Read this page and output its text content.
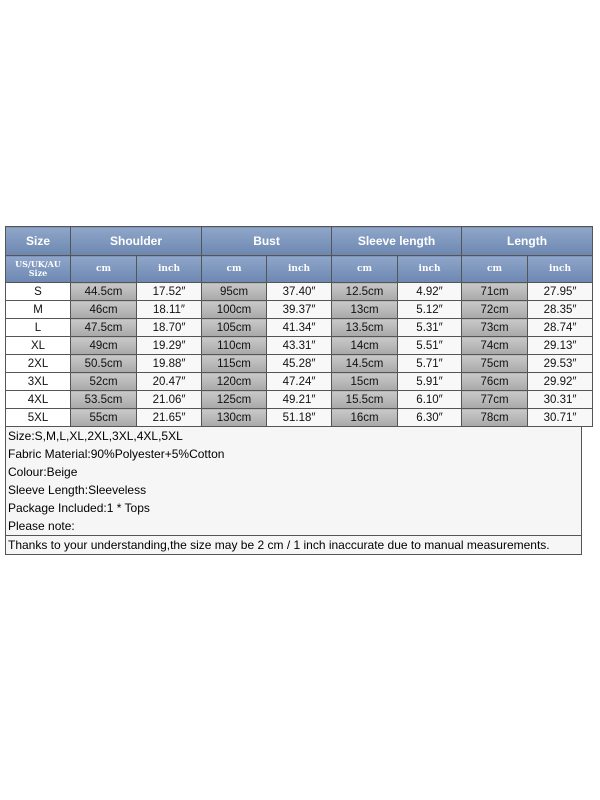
Size	Shoulder		Bust		Sleeve length		Length	
US/UK/AU
Size	cm	inch	cm	inch	cm	inch	cm	inch
S	44.5cm	17.52″	95cm	37.40″	12.5cm	4.92″	71cm	27.95″
M	46cm	18.11″	100cm	39.37″	13cm	5.12″	72cm	28.35″
L	47.5cm	18.70″	105cm	41.34″	13.5cm	5.31″	73cm	28.74″
XL	49cm	19.29″	110cm	43.31″	14cm	5.51″	74cm	29.13″
2XL	50.5cm	19.88″	115cm	45.28″	14.5cm	5.71″	75cm	29.53″
3XL	52cm	20.47″	120cm	47.24″	15cm	5.91″	76cm	29.92″
4XL	53.5cm	21.06″	125cm	49.21″	15.5cm	6.10″	77cm	30.31″
5XL	55cm	21.65″	130cm	51.18″	16cm	6.30″	78cm	30.71″
Size:S,M,L,XL,2XL,3XL,4XL,5XL
Fabric Material:90%Polyester+5%Cotton
Colour:Beige
Sleeve Length:Sleeveless
Package Included:1 * Tops
Please note:
Thanks to your understanding,the size may be 2 cm / 1 inch inaccurate due to manual measurements.
